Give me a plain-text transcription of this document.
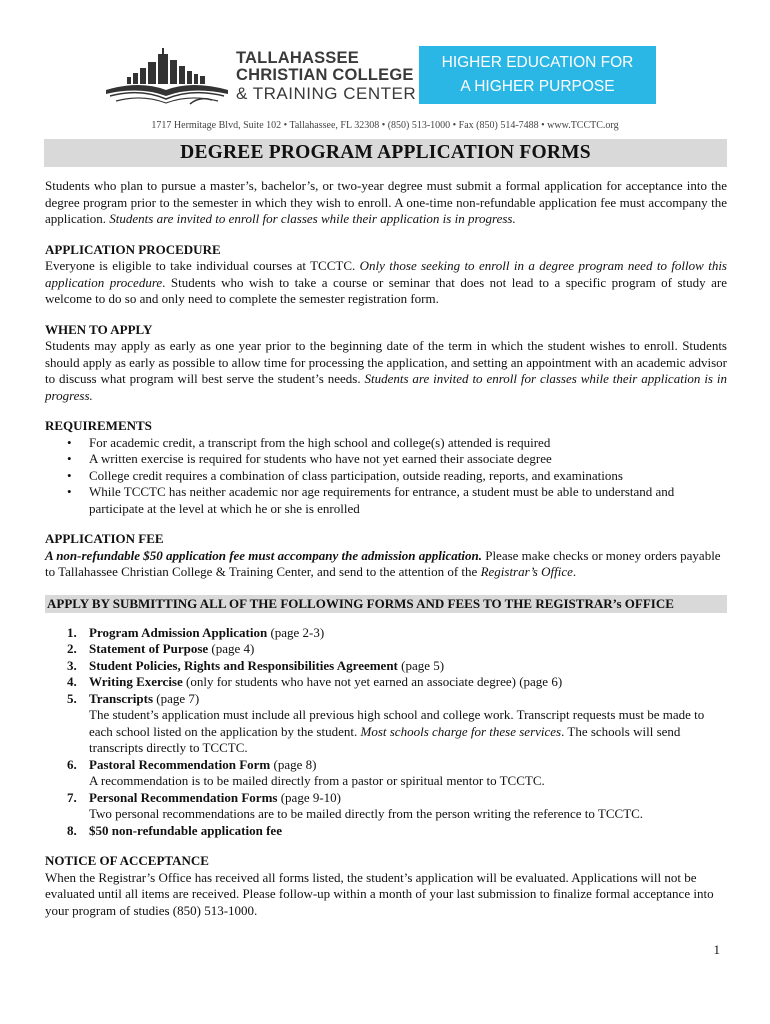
TALLAHASSEE
CHRISTIAN COLLEGE
& TRAINING CENTER
HIGHER EDUCATION FOR
A HIGHER PURPOSE
1717 Hermitage Blvd, Suite 102 • Tallahassee, FL 32308 • (850) 513-1000 • Fax (850) 514-7488 • www.TCCTC.org
DEGREE PROGRAM APPLICATION FORMS

Students who plan to pursue a master’s, bachelor’s, or two-year degree must submit a formal application for acceptance into the degree program prior to the semester in which they wish to enroll. A one-time non-refundable application fee must accompany the application. Students are invited to enroll for classes while their application is in progress.

APPLICATION PROCEDURE

Everyone is eligible to take individual courses at TCCTC. Only those seeking to enroll in a degree program need to follow this application procedure. Students who wish to take a course or seminar that does not lead to a specific program of study are welcome to do so and only need to complete the semester registration form.

WHEN TO APPLY

Students may apply as early as one year prior to the beginning date of the term in which the student wishes to enroll. Students should apply as early as possible to allow time for processing the application, and setting an appointment with an academic advisor to discuss what program will best serve the student’s needs. Students are invited to enroll for classes while their application is in progress.

REQUIREMENTS
• For academic credit, a transcript from the high school and college(s) attended is required
• A written exercise is required for students who have not yet earned their associate degree
• College credit requires a combination of class participation, outside reading, reports, and examinations
• While TCCTC has neither academic nor age requirements for entrance, a student must be able to understand and participate at the level at which he or she is enrolled
APPLICATION FEE

A non-refundable $50 application fee must accompany the admission application. Please make checks or money orders payable to Tallahassee Christian College & Training Center, and send to the attention of the Registrar’s Office.

APPLY BY SUBMITTING ALL OF THE FOLLOWING FORMS AND FEES TO THE REGISTRAR’s OFFICE
1. Program Admission Application (page 2-3)
2. Statement of Purpose (page 4)
3. Student Policies, Rights and Responsibilities Agreement (page 5)
4. Writing Exercise (only for students who have not yet earned an associate degree) (page 6)
5. Transcripts (page 7)
The student’s application must include all previous high school and college work. Transcript requests must be made to each school listed on the application by the student. Most schools charge for these services. The schools will send transcripts directly to TCCTC.
6. Pastoral Recommendation Form (page 8)
A recommendation is to be mailed directly from a pastor or spiritual mentor to TCCTC.
7. Personal Recommendation Forms (page 9-10)
Two personal recommendations are to be mailed directly from the person writing the reference to TCCTC.
8. $50 non-refundable application fee
NOTICE OF ACCEPTANCE

When the Registrar’s Office has received all forms listed, the student’s application will be evaluated. Applications will not be evaluated until all items are received. Please follow-up within a month of your last submission to finalize formal acceptance into your program of studies (850) 513-1000.

1
